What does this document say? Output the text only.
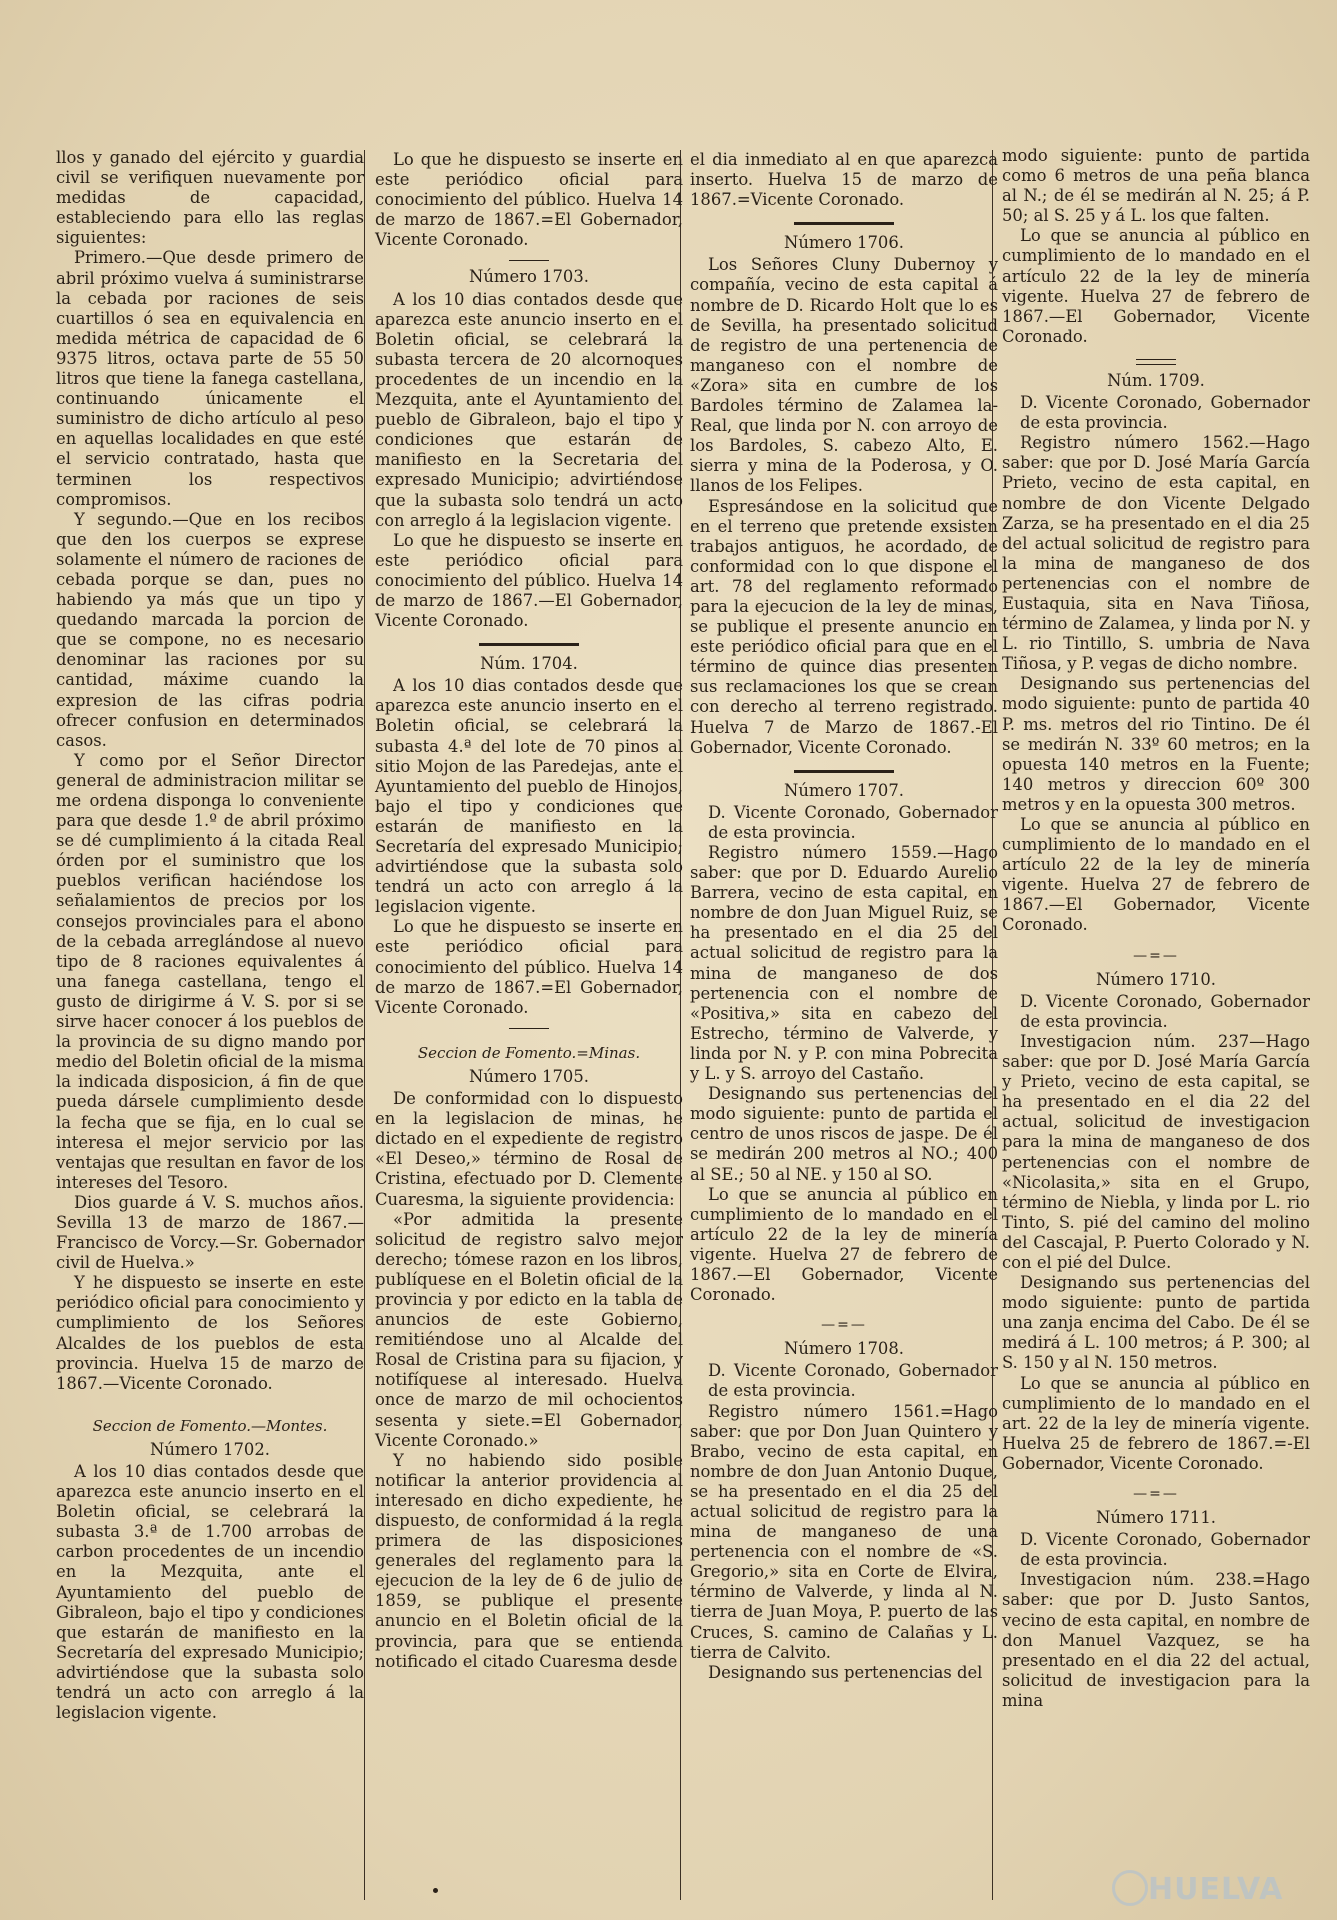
llos y ganado del ejército y guardia civil se verifiquen nuevamente por medidas de capacidad, estableciendo para ello las reglas siguientes:

Primero.—Que desde primero de abril próximo vuelva á suministrarse la cebada por raciones de seis cuartillos ó sea en equivalencia en medida métrica de capacidad de 6 9375 litros, octava parte de 55 50 litros que tiene la fanega castellana, continuando únicamente el suministro de dicho artículo al peso en aquellas localidades en que esté el servicio contratado, hasta que terminen los respectivos compromisos.

Y segundo.—Que en los recibos que den los cuerpos se exprese solamente el número de raciones de cebada porque se dan, pues no habiendo ya más que un tipo y quedando marcada la porcion de que se compone, no es necesario denominar las raciones por su cantidad, máxime cuando la expresion de las cifras podria ofrecer confusion en determinados casos.

Y como por el Señor Director general de administracion militar se me ordena disponga lo conveniente para que desde 1.º de abril próximo se dé cumplimiento á la citada Real órden por el suministro que los pueblos verifican haciéndose los señalamientos de precios por los consejos provinciales para el abono de la cebada arreglándose al nuevo tipo de 8 raciones equivalentes á una fanega castellana, tengo el gusto de dirigirme á V. S. por si se sirve hacer conocer á los pueblos de la provincia de su digno mando por medio del Boletin oficial de la misma la indicada disposicion, á fin de que pueda dársele cumplimiento desde la fecha que se fija, en lo cual se interesa el mejor servicio por las ventajas que resultan en favor de los intereses del Tesoro.

Dios guarde á V. S. muchos años. Sevilla 13 de marzo de 1867.—Francisco de Vorcy.—Sr. Gobernador civil de Huelva.»

Y he dispuesto se inserte en este periódico oficial para conocimiento y cumplimiento de los Señores Alcaldes de los pueblos de esta provincia. Huelva 15 de marzo de 1867.—Vicente Coronado.

Seccion de Fomento.—Montes.
Número 1702.

A los 10 dias contados desde que aparezca este anuncio inserto en el Boletin oficial, se celebrará la subasta 3.ª de 1.700 arrobas de carbon procedentes de un incendio en la Mezquita, ante el Ayuntamiento del pueblo de Gibraleon, bajo el tipo y condiciones que estarán de manifiesto en la Secretaría del expresado Municipio; advirtiéndose que la subasta solo tendrá un acto con arreglo á la legislacion vigente.

Lo que he dispuesto se inserte en este periódico oficial para conocimiento del público. Huelva 14 de marzo de 1867.=El Gobernador, Vicente Coronado.

Número 1703.

A los 10 dias contados desde que aparezca este anuncio inserto en el Boletin oficial, se celebrará la subasta tercera de 20 alcornoques procedentes de un incendio en la Mezquita, ante el Ayuntamiento del pueblo de Gibraleon, bajo el tipo y condiciones que estarán de manifiesto en la Secretaria del expresado Municipio; advirtiéndose que la subasta solo tendrá un acto con arreglo á la legislacion vigente.

Lo que he dispuesto se inserte en este periódico oficial para conocimiento del público. Huelva 14 de marzo de 1867.—El Gobernador, Vicente Coronado.

Núm. 1704.

A los 10 dias contados desde que aparezca este anuncio inserto en el Boletin oficial, se celebrará la subasta 4.ª del lote de 70 pinos al sitio Mojon de las Paredejas, ante el Ayuntamiento del pueblo de Hinojos, bajo el tipo y condiciones que estarán de manifiesto en la Secretaría del expresado Municipio; advirtiéndose que la subasta solo tendrá un acto con arreglo á la legislacion vigente.

Lo que he dispuesto se inserte en este periódico oficial para conocimiento del público. Huelva 14 de marzo de 1867.=El Gobernador, Vicente Coronado.

Seccion de Fomento.=Minas.
Número 1705.

De conformidad con lo dispuesto en la legislacion de minas, he dictado en el expediente de registro «El Deseo,» término de Rosal de Cristina, efectuado por D. Clemente Cuaresma, la siguiente providencia:

«Por admitida la presente solicitud de registro salvo mejor derecho; tómese razon en los libros, publíquese en el Boletin oficial de la provincia y por edicto en la tabla de anuncios de este Gobierno, remitiéndose uno al Alcalde del Rosal de Cristina para su fijacion, y notifíquese al interesado. Huelva once de marzo de mil ochocientos sesenta y siete.=El Gobernador, Vicente Coronado.»

Y no habiendo sido posible notificar la anterior providencia al interesado en dicho expediente, he dispuesto, de conformidad á la regla primera de las disposiciones generales del reglamento para la ejecucion de la ley de 6 de julio de 1859, se publique el presente anuncio en el Boletin oficial de la provincia, para que se entienda notificado el citado Cuaresma desde

el dia inmediato al en que aparezca inserto. Huelva 15 de marzo de 1867.=Vicente Coronado.

Número 1706.

Los Señores Cluny Dubernoy y compañía, vecino de esta capital á nombre de D. Ricardo Holt que lo es de Sevilla, ha presentado solicitud de registro de una pertenencia de manganeso con el nombre de «Zora» sita en cumbre de los Bardoles término de Zalamea la-Real, que linda por N. con arroyo de los Bardoles, S. cabezo Alto, E. sierra y mina de la Poderosa, y O. llanos de los Felipes.

Espresándose en la solicitud que en el terreno que pretende exsisten trabajos antiguos, he acordado, de conformidad con lo que dispone el art. 78 del reglamento reformado para la ejecucion de la ley de minas, se publique el presente anuncio en este periódico oficial para que en el término de quince dias presenten sus reclamaciones los que se crean con derecho al terreno registrado. Huelva 7 de Marzo de 1867.-El Gobernador, Vicente Coronado.

Número 1707.

D. Vicente Coronado, Gobernador de esta provincia.

Registro número 1559.—Hago saber: que por D. Eduardo Aurelio Barrera, vecino de esta capital, en nombre de don Juan Miguel Ruiz, se ha presentado en el dia 25 del actual solicitud de registro para la mina de manganeso de dos pertenencia con el nombre de «Positiva,» sita en cabezo del Estrecho, término de Valverde, y linda por N. y P. con mina Pobrecita y L. y S. arroyo del Castaño.

Designando sus pertenencias del modo siguiente: punto de partida el centro de unos riscos de jaspe. De él se medirán 200 metros al NO.; 400 al SE.; 50 al NE. y 150 al SO.

Lo que se anuncia al público en cumplimiento de lo mandado en el artículo 22 de la ley de minería vigente. Huelva 27 de febrero de 1867.—El Gobernador, Vicente Coronado.

—=—
Número 1708.

D. Vicente Coronado, Gobernador de esta provincia.

Registro número 1561.=Hago saber: que por Don Juan Quintero y Brabo, vecino de esta capital, en nombre de don Juan Antonio Duque, se ha presentado en el dia 25 del actual solicitud de registro para la mina de manganeso de una pertenencia con el nombre de «S. Gregorio,» sita en Corte de Elvira, término de Valverde, y linda al N. tierra de Juan Moya, P. puerto de las Cruces, S. camino de Calañas y L. tierra de Calvito.

Designando sus pertenencias del

modo siguiente: punto de partida como 6 metros de una peña blanca al N.; de él se medirán al N. 25; á P. 50; al S. 25 y á L. los que falten.

Lo que se anuncia al público en cumplimiento de lo mandado en el artículo 22 de la ley de minería vigente. Huelva 27 de febrero de 1867.—El Gobernador, Vicente Coronado.

Núm. 1709.

D. Vicente Coronado, Gobernador de esta provincia.

Registro número 1562.—Hago saber: que por D. José María García Prieto, vecino de esta capital, en nombre de don Vicente Delgado Zarza, se ha presentado en el dia 25 del actual solicitud de registro para la mina de manganeso de dos pertenencias con el nombre de Eustaquia, sita en Nava Tiñosa, término de Zalamea, y linda por N. y L. rio Tintillo, S. umbria de Nava Tiñosa, y P. vegas de dicho nombre.

Designando sus pertenencias del modo siguiente: punto de partida 40 P. ms. metros del rio Tintino. De él se medirán N. 33º 60 metros; en la opuesta 140 metros en la Fuente; 140 metros y direccion 60º 300 metros y en la opuesta 300 metros.

Lo que se anuncia al público en cumplimiento de lo mandado en el artículo 22 de la ley de minería vigente. Huelva 27 de febrero de 1867.—El Gobernador, Vicente Coronado.

—=—
Número 1710.

D. Vicente Coronado, Gobernador de esta provincia.

Investigacion núm. 237—Hago saber: que por D. José María García y Prieto, vecino de esta capital, se ha presentado en el dia 22 del actual, solicitud de investigacion para la mina de manganeso de dos pertenencias con el nombre de «Nicolasita,» sita en el Grupo, término de Niebla, y linda por L. rio Tinto, S. pié del camino del molino del Cascajal, P. Puerto Colorado y N. con el pié del Dulce.

Designando sus pertenencias del modo siguiente: punto de partida una zanja encima del Cabo. De él se medirá á L. 100 metros; á P. 300; al S. 150 y al N. 150 metros.

Lo que se anuncia al público en cumplimiento de lo mandado en el art. 22 de la ley de minería vigente. Huelva 25 de febrero de 1867.=-El Gobernador, Vicente Coronado.

—=—
Número 1711.

D. Vicente Coronado, Gobernador de esta provincia.

Investigacion núm. 238.=Hago saber: que por D. Justo Santos, vecino de esta capital, en nombre de don Manuel Vazquez, se ha presentado en el dia 22 del actual, solicitud de investigacion para la mina

HUELVA
